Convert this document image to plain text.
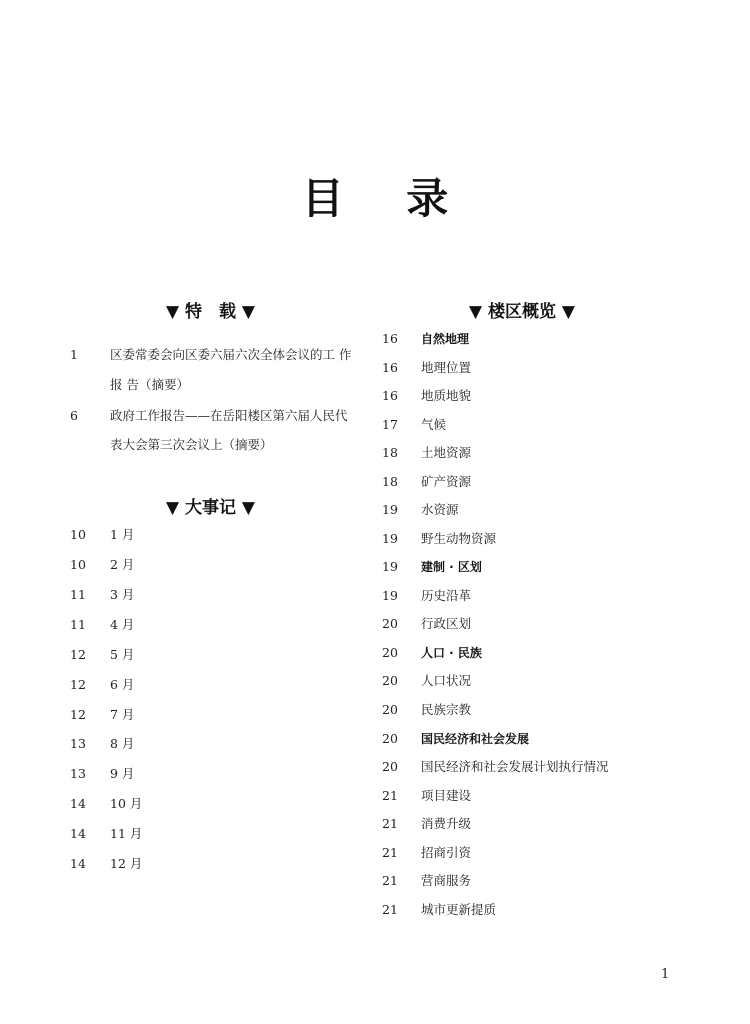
目 录
▼ 特　载 ▼
1	区委常委会向区委六届六次全体会议的工 作
报 告（摘要）
6	政府工作报告——在岳阳楼区第六届人民代
表大会第三次会议上（摘要）
▼ 大事记 ▼
10 1 月
10 2 月
11 3 月
11 4 月
12 5 月
12 6 月
12 7 月
13 8 月
13 9 月
14 10 月
14 11 月
14 12 月
▼ 楼区概览 ▼
16 自然地理
16 地理位置
16 地质地貌
17 气候
18 土地资源
18 矿产资源
19 水资源
19 野生动物资源
19 建制 · 区划
19 历史沿革
20 行政区划
20 人口 · 民族
20 人口状况
20 民族宗教
20 国民经济和社会发展
20 国民经济和社会发展计划执行情况
21 项目建设
21 消费升级
21 招商引资
21 营商服务
21 城市更新提质
1
